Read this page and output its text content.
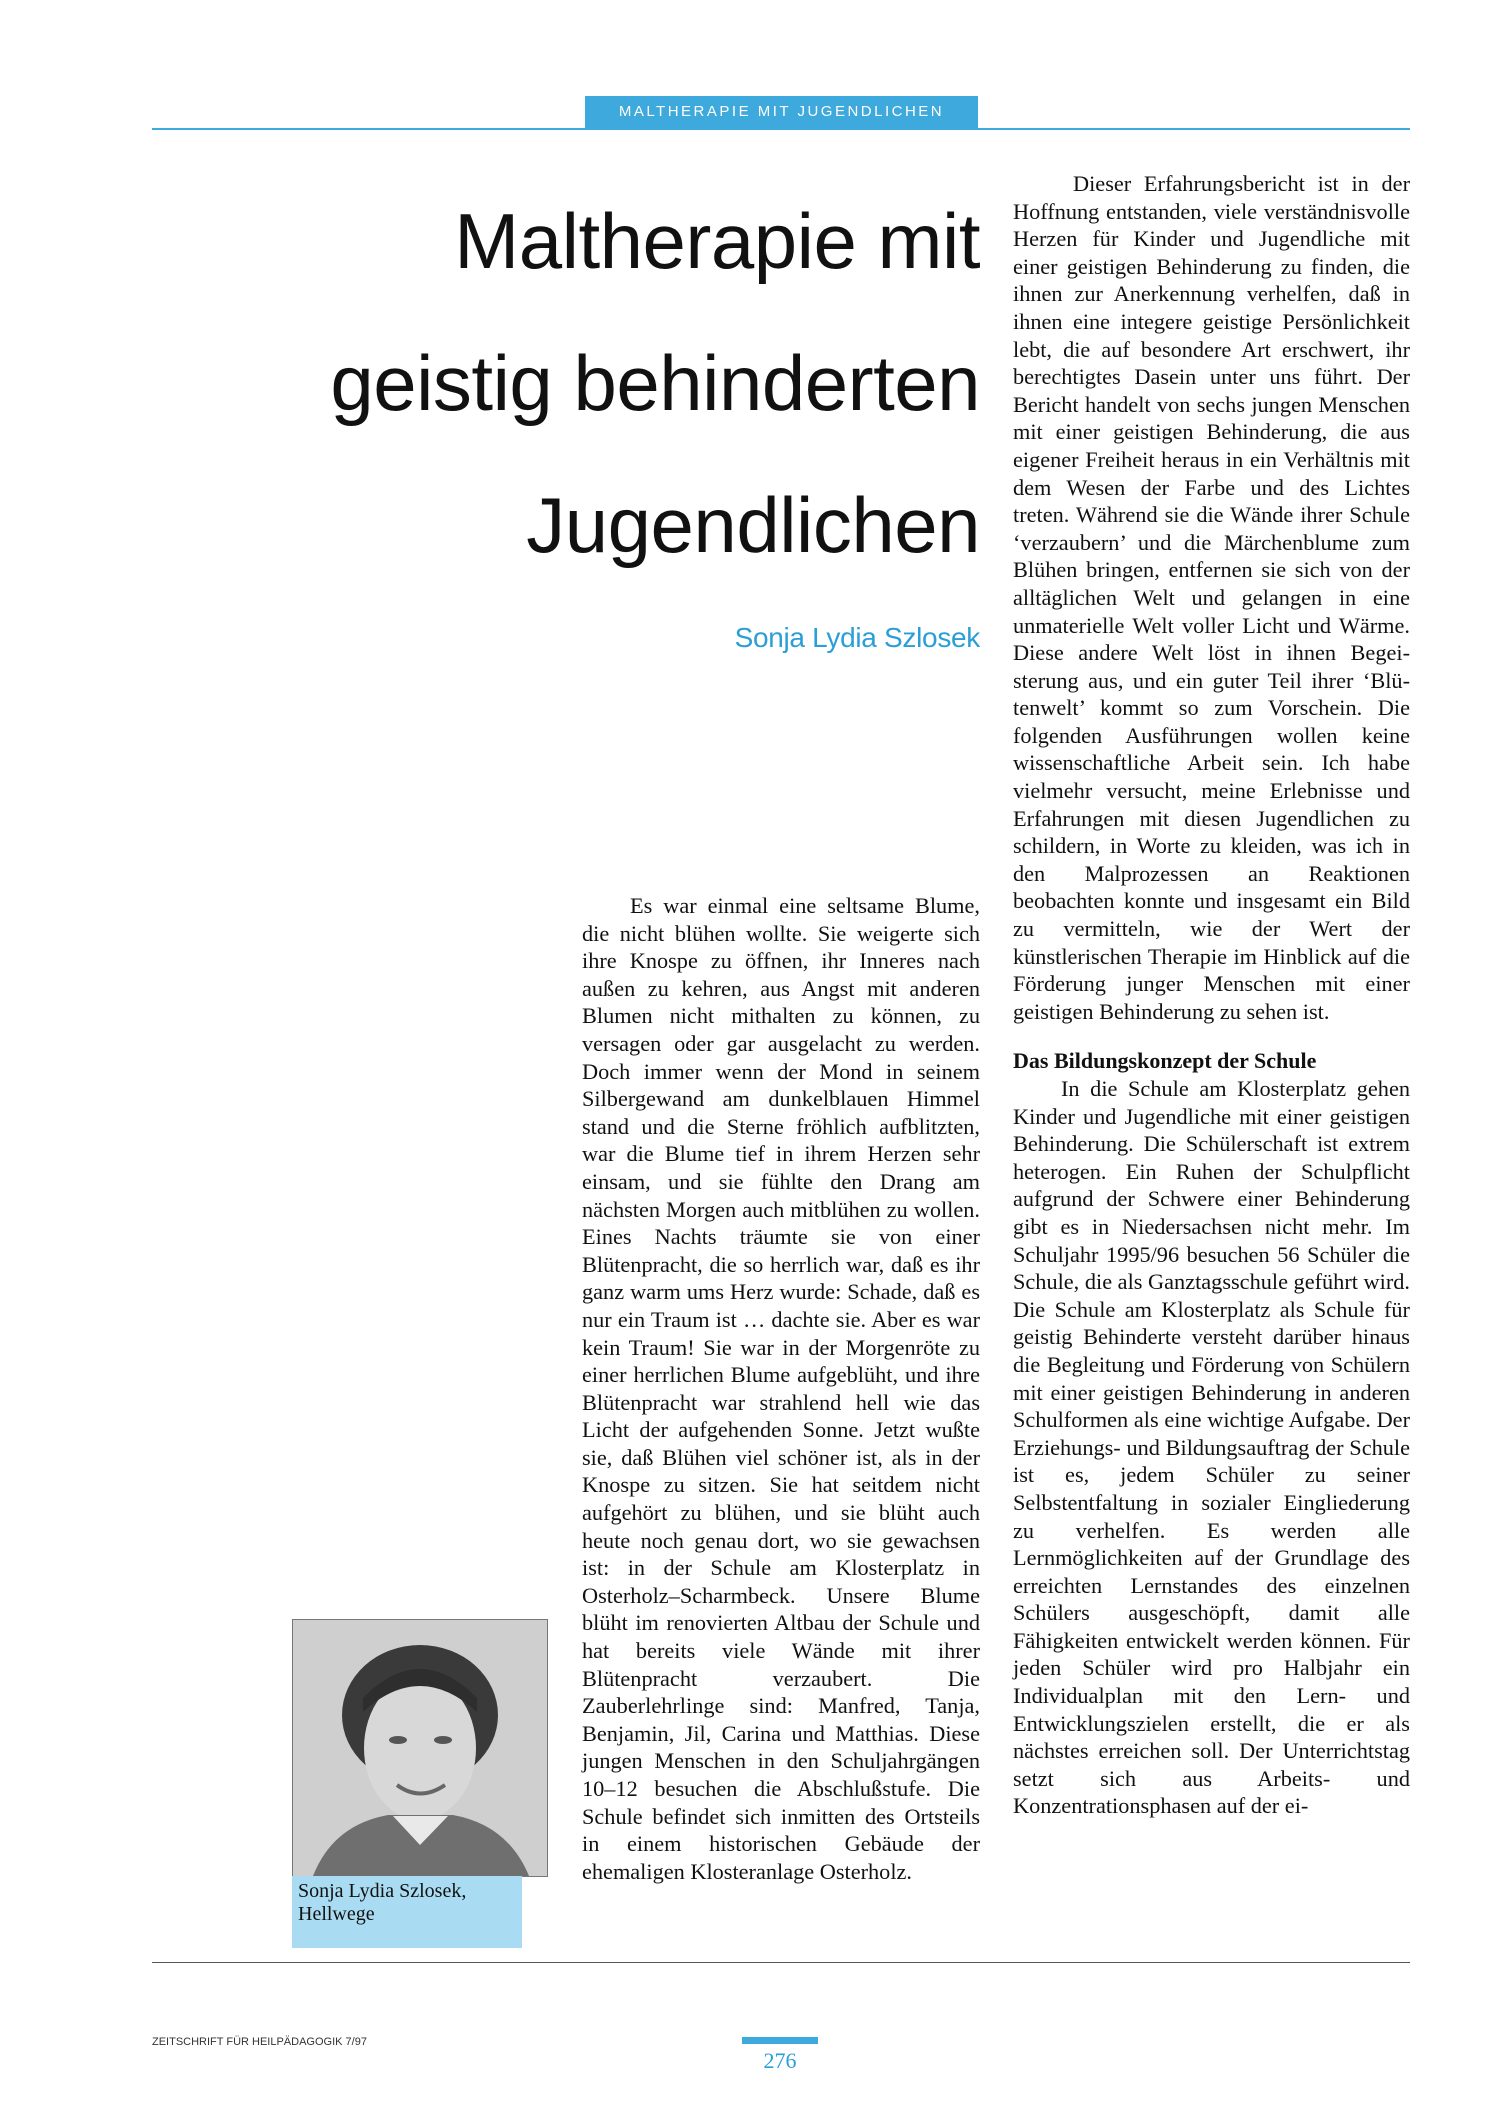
MALTHERAPIE MIT JUGENDLICHEN
Maltherapie mit
geistig behinderten
Jugendlichen
Sonja Lydia Szlosek

Es war einmal eine seltsame Blume, die nicht blühen wollte. Sie weigerte sich ihre Knospe zu öffnen, ihr Inneres nach außen zu kehren, aus Angst mit anderen Blumen nicht mithalten zu können, zu versagen oder gar ausgelacht zu werden. Doch immer wenn der Mond in seinem Silbergewand am dunkelblauen Himmel stand und die Sterne fröhlich aufblitzten, war die Blume tief in ihrem Herzen sehr einsam, und sie fühlte den Drang am nächsten Morgen auch mitblühen zu wollen. Eines Nachts träumte sie von einer Blütenpracht, die so herrlich war, daß es ihr ganz warm ums Herz wurde: Schade, daß es nur ein Traum ist … dachte sie. Aber es war kein Traum! Sie war in der Morgenröte zu einer herrlichen Blume aufgeblüht, und ihre Blütenpracht war strahlend hell wie das Licht der aufgehenden Sonne. Jetzt wußte sie, daß Blühen viel schöner ist, als in der Knospe zu sitzen. Sie hat seitdem nicht aufgehört zu blühen, und sie blüht auch heute noch genau dort, wo sie gewachsen ist: in der Schule am Klosterplatz in Osterholz–Scharmbeck. Unsere Blume blüht im renovierten Altbau der Schule und hat bereits viele Wände mit ihrer Blütenpracht verzaubert. Die Zauberlehrlinge sind: Manfred, Tanja, Benjamin, Jil, Carina und Matthias. Diese jungen Menschen in den Schuljahrgängen 10–12 besuchen die Abschlußstufe. Die Schule befindet sich inmitten des Ortsteils in einem historischen Gebäude der ehemaligen Klosteranlage Osterholz.

Dieser Erfahrungsbericht ist in der Hoffnung entstanden, viele verständnisvolle Herzen für Kinder und Jugendliche mit einer geistigen Behinderung zu finden, die ihnen zur Anerkennung verhelfen, daß in ihnen eine integere geistige Persönlichkeit lebt, die auf besondere Art erschwert, ihr berechtigtes Dasein unter uns führt. Der Bericht handelt von sechs jungen Menschen mit einer geistigen Behinderung, die aus eigener Freiheit heraus in ein Verhältnis mit dem Wesen der Farbe und des Lichtes treten. Während sie die Wände ihrer Schule ‘verzaubern’ und die Märchenblume zum Blühen bringen, entfernen sie sich von der alltäglichen Welt und gelangen in eine unmaterielle Welt voller Licht und Wärme. Diese andere Welt löst in ihnen Begeisterung aus, und ein guter Teil ihrer ‘Blütenwelt’ kommt so zum Vorschein. Die folgenden Ausführungen wollen keine wissenschaftliche Arbeit sein. Ich habe vielmehr versucht, meine Erlebnisse und Erfahrungen mit diesen Jugendlichen zu schildern, in Worte zu kleiden, was ich in den Malprozessen an Reaktionen beobachten konnte und insgesamt ein Bild zu vermitteln, wie der Wert der künstlerischen Therapie im Hinblick auf die Förderung junger Menschen mit einer geistigen Behinderung zu sehen ist.

Das Bildungskonzept der Schule

In die Schule am Klosterplatz gehen Kinder und Jugendliche mit einer geistigen Behinderung. Die Schülerschaft ist extrem heterogen. Ein Ruhen der Schulpflicht aufgrund der Schwere einer Behinderung gibt es in Niedersachsen nicht mehr. Im Schuljahr 1995/96 besuchen 56 Schüler die Schule, die als Ganztagsschule geführt wird. Die Schule am Klosterplatz als Schule für geistig Behinderte versteht darüber hinaus die Begleitung und Förderung von Schülern mit einer geistigen Behinderung in anderen Schulformen als eine wichtige Aufgabe. Der Erziehungs- und Bildungsauftrag der Schule ist es, jedem Schüler zu seiner Selbstentfaltung in sozialer Eingliederung zu verhelfen. Es werden alle Lernmöglichkeiten auf der Grundlage des erreichten Lernstandes des einzelnen Schülers ausgeschöpft, damit alle Fähigkeiten entwickelt werden können. Für jeden Schüler wird pro Halbjahr ein Individualplan mit den Lern- und Entwicklungszielen erstellt, die er als nächstes erreichen soll. Der Unterrichtstag setzt sich aus Arbeits- und Konzentrationsphasen auf der ei-

Sonja Lydia Szlosek,
Hellwege
ZEITSCHRIFT FÜR HEILPÄDAGOGIK 7/97
276
